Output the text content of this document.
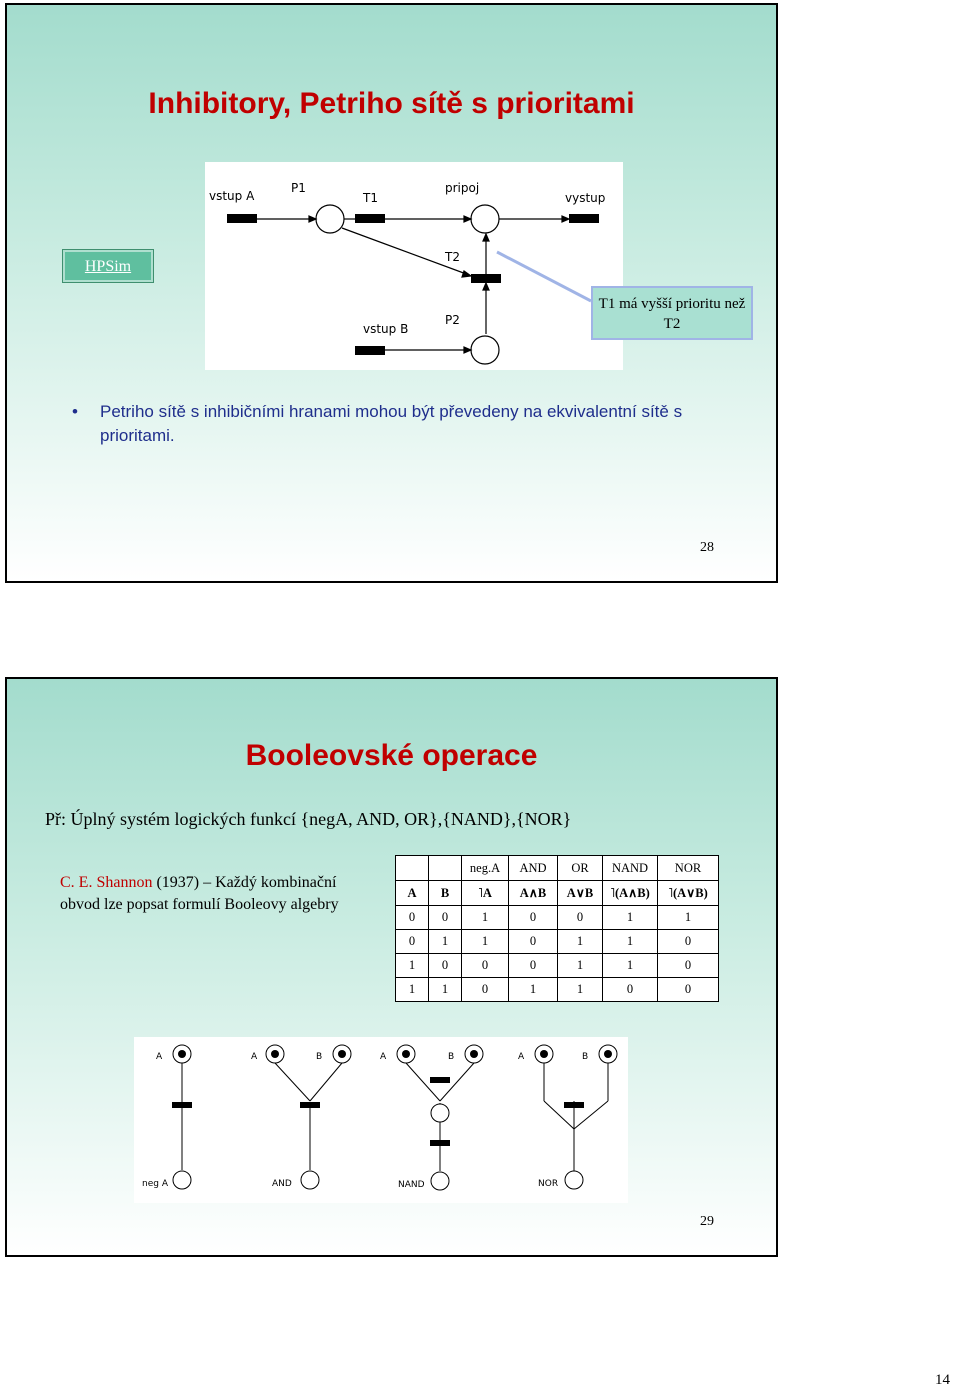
Inhibitory, Petriho sítě s prioritami
HPSim
vstup A
P1
T1
pripoj
vystup
T2
P2
vstup B
T1 má vyšší prioritu než T2
• Petriho sítě s inhibičními hranami mohou být převedeny na ekvivalentní sítě s prioritami.
28
Booleovské operace
Př: Úplný systém logických funkcí {negA, AND, OR},{NAND},{NOR}
C. E. Shannon (1937) – Každý kombinační obvod lze popsat formulí Booleovy algebry
		neg.A	AND	OR	NAND	NOR
A	B	˥A	A∧B	A∨B	˥(A∧B)	˥(A∨B)
0	0	1	0	0	1	1
0	1	1	0	1	1	0
1	0	0	0	1	1	0
1	1	0	1	1	0	0
A
neg A
A	B
AND
A	B
NAND
A	B
NOR
29
14
